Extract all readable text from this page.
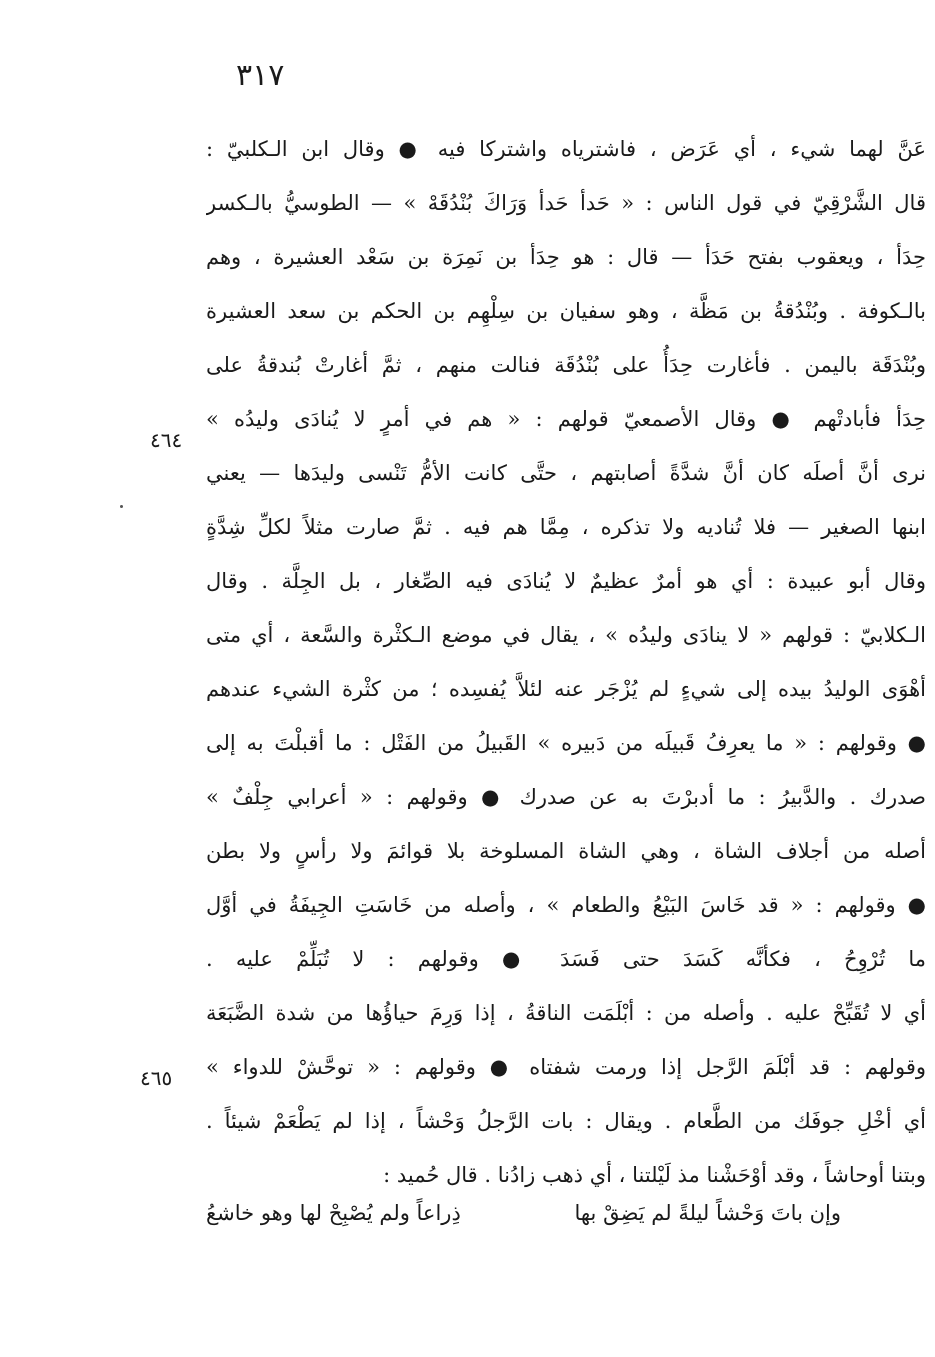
٣١٧
٤٦٤
٤٦٥
عَنَّ لهما شيء ، أي عَرَض ، فاشترياه واشتركا فيه ● وقال ابن الـكلبيّ :
قال الشَّرْقِيّ في قول الناس : « حَدأ حَدأ وَرَاكَ بُنْدُقَهْ » — الطوسيُّ بالـكسر
حِدَأ ، ويعقوب بفتح حَدَأ — قال : هو حِدَأ بن نَمِرَة بن سَعْد العشيرة ، وهم
بالـكوفة . وبُنْدُقةُ بن مَظَّة ، وهو سفيان بن سِلْهِم بن الحكم بن سعد العشيرة
وبُنْدَقَة باليمن . فأغارت حِدَأُ على بُنْدُقَة فنالت منهم ، ثمَّ أغارتْ بُندقةُ على
حِدَأ فأبادتْهم ● وقال الأصمعيّ قولهم : « هم في أمرٍ لا يُنادَى وليدُه »
نرى أنَّ أصلَه كان أنَّ شدَّةً أصابتهم ، حتَّى كانت الأمُّ تَنْسى وليدَها — يعني
ابنها الصغير — فلا تُناديه ولا تذكره ، مِمَّا هم فيه . ثمَّ صارت مثلاً لكلِّ شِدَّةٍ
وقال أبو عبيدة : أي هو أمرٌ عظيمٌ لا يُنادَى فيه الصِّغار ، بل الجِلَّة . وقال
الـكلابيّ : قولهم « لا ينادَى وليدُه » ، يقال في موضع الـكثْرة والسَّعة ، أي متى
أهْوَى الوليدُ بيده إلى شيءٍ لم يُزْجَر عنه لئلاَّ يُفسِده ؛ من كثْرة الشيء عندهم
● وقولهم : « ما يعرِفُ قَبيلَه من دَبيره » القَبيلُ من الفَتْل : ما أقبلْتَ به إلى
صدرك . والدَّبيرُ : ما أدبرْتَ به عن صدرك ● وقولهم : « أعرابي جِلْفٌ »
أصله من أجلاف الشاة ، وهي الشاة المسلوخة بلا قوائمَ ولا رأسٍ ولا بطن
● وقولهم : « قد خَاسَ البَيْعُ والطعام » ، وأصله من خَاسَتِ الجِيفَةُ في أوَّل
ما تُرْوِحُ ، فكأنَّه كَسَدَ حتى فَسَدَ ● وقولهم : لا تُبَلِّمْ عليه .
أي لا تُقَبِّحْ عليه . وأصله من : أبْلَمَت الناقةُ ، إذا وَرِمَ حياؤُها من شدة الضَّبَعَة
وقولهم : قد أبْلَمَ الرَّجل إذا ورمت شفتاه ● وقولهم : « توحَّشْ للدواء »
أي أخْلِ جوفَك من الطَّعام . ويقال : بات الرَّجلُ وَحْشاً ، إذا لم يَطْعَمْ شيئاً .
وبتنا أوحاشاً ، وقد أوْحَشْنا مذ لَيْلتنا ، أي ذهب زادُنا . قال حُميد :
وإن باتَ وَحْشاً ليلةً لم يَضِقْ بها
ذِراعاً ولم يُصْبِحْ لها وهو خاشعُ
